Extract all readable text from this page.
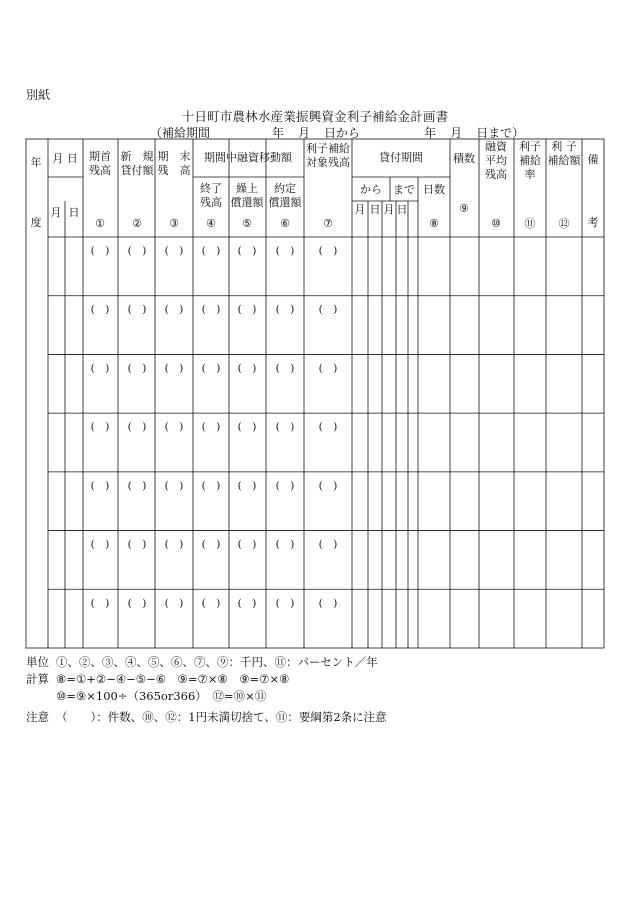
別紙
十日町市農林水産業振興資金利子補給金計画書
（補給期間	年 月 日から	年 月 日まで）
年
度
月 日
月 日
期首
残高
①
新　規
貸付額
②
期　末
残　高
③
期間中融資移動額
終了
残高
④
繰上
償還額
⑤
約定
償還額
⑥
利子補給
対象残高
⑦
貸付期間
から まで 日数
月 日 月 日
⑧
積数
⑨
融資
平均
残高
⑩
利子
補給
率
⑪
利 子
補給額
⑫
備
考
(　) (　) (　) (　) (　) (　) (　)
(　) (　) (　) (　) (　) (　) (　)
(　) (　) (　) (　) (　) (　) (　)
(　) (　) (　) (　) (　) (　) (　)
(　) (　) (　) (　) (　) (　) (　)
(　) (　) (　) (　) (　) (　) (　)
(　) (　) (　) (　) (　) (　) (　)
単位 ①、②、③、④、⑤、⑥、⑦、⑨：千円、⑪：パーセント／年
計算 ⑧=①+②−④−⑤−⑥　⑨=⑦×⑧　⑨=⑦×⑧
⑩=⑨×100÷（365or366）　⑫=⑩×⑪
注意 （　　）：件数、⑩、⑫：1円未満切捨て、⑪：要綱第2条に注意
